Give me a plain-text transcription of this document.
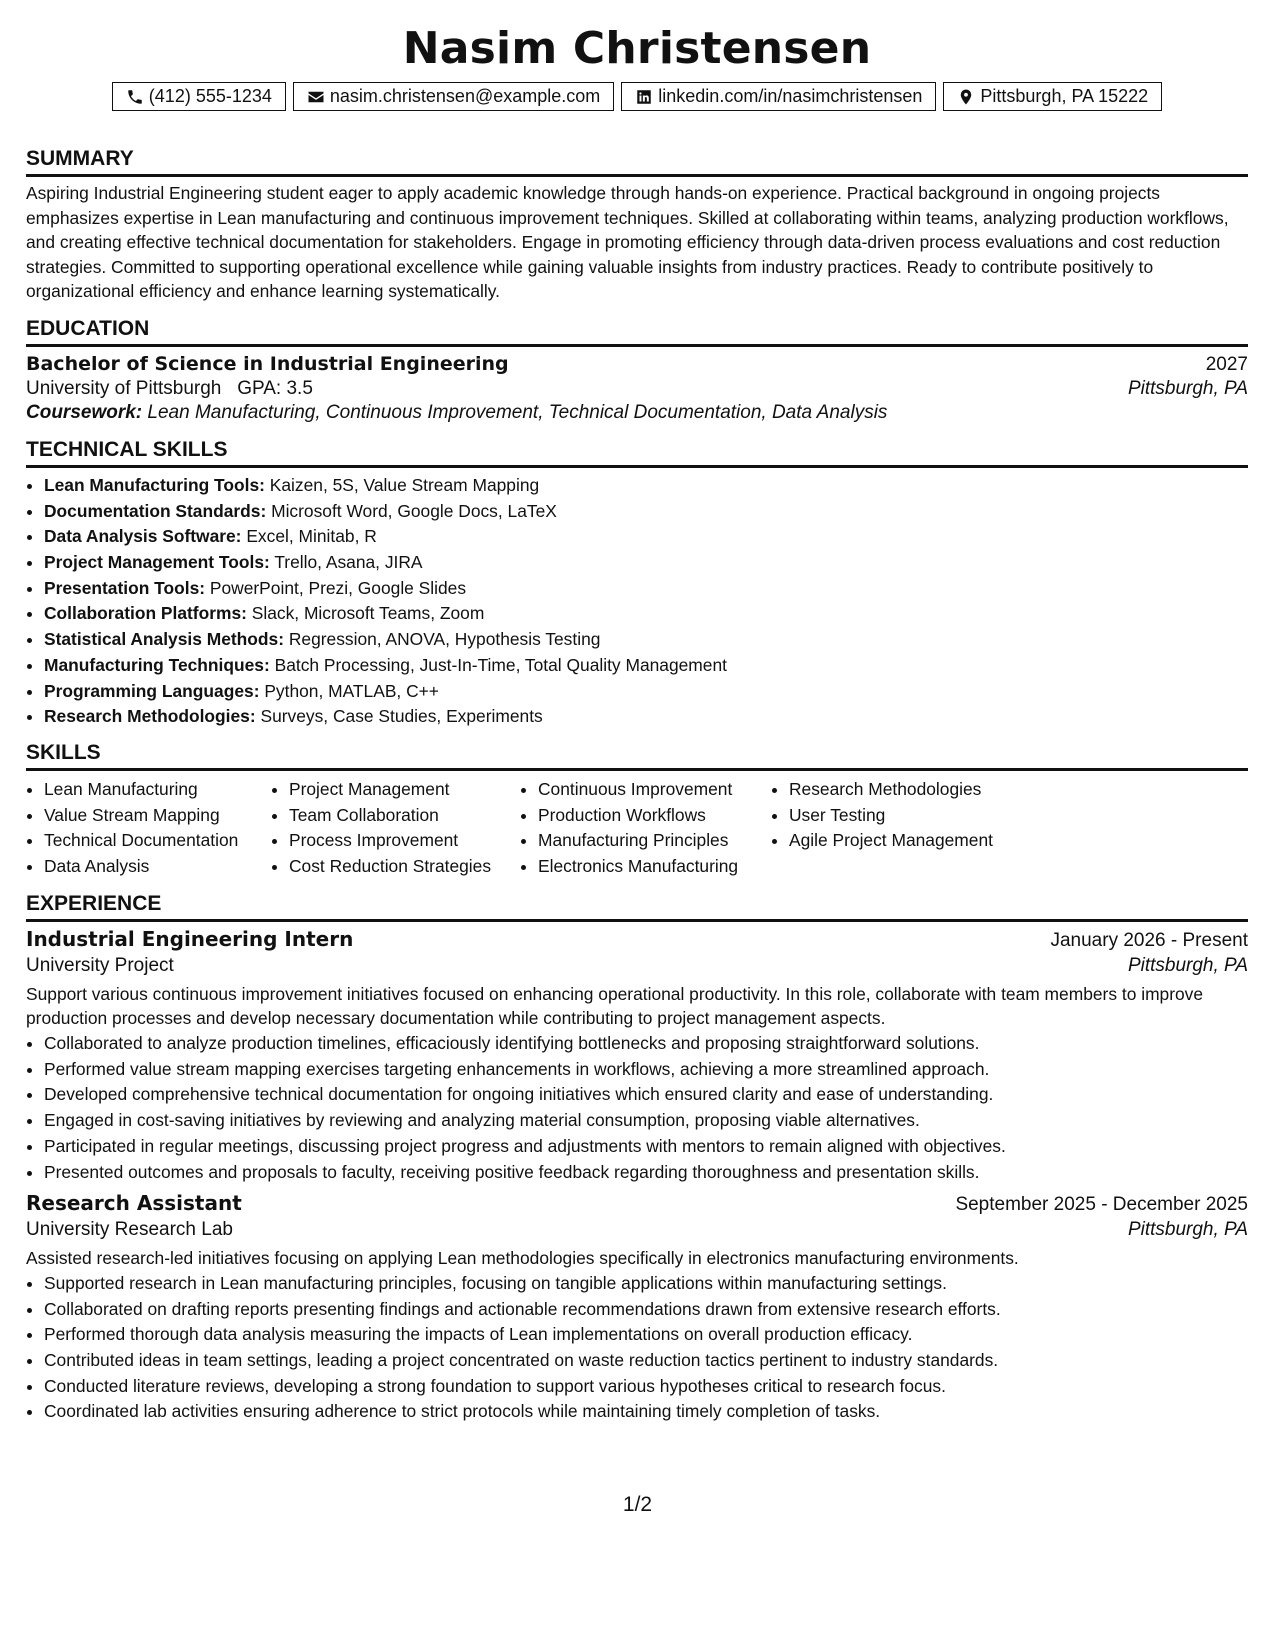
Nasim Christensen
(412) 555-1234	nasim.christensen@example.com	linkedin.com/in/nasimchristensen	Pittsburgh, PA 15222
SUMMARY

Aspiring Industrial Engineering student eager to apply academic knowledge through hands-on experience. Practical background in ongoing projects emphasizes expertise in Lean manufacturing and continuous improvement techniques. Skilled at collaborating within teams, analyzing production workflows, and creating effective technical documentation for stakeholders. Engage in promoting efficiency through data-driven process evaluations and cost reduction strategies. Committed to supporting operational excellence while gaining valuable insights from industry practices. Ready to contribute positively to organizational efficiency and enhance learning systematically.

EDUCATION
Bachelor of Science in Industrial Engineering	2027
University of Pittsburgh GPA: 3.5	Pittsburgh, PA
Coursework: Lean Manufacturing, Continuous Improvement, Technical Documentation, Data Analysis
TECHNICAL SKILLS
• Lean Manufacturing Tools: Kaizen, 5S, Value Stream Mapping
• Documentation Standards: Microsoft Word, Google Docs, LaTeX
• Data Analysis Software: Excel, Minitab, R
• Project Management Tools: Trello, Asana, JIRA
• Presentation Tools: PowerPoint, Prezi, Google Slides
• Collaboration Platforms: Slack, Microsoft Teams, Zoom
• Statistical Analysis Methods: Regression, ANOVA, Hypothesis Testing
• Manufacturing Techniques: Batch Processing, Just-In-Time, Total Quality Management
• Programming Languages: Python, MATLAB, C++
• Research Methodologies: Surveys, Case Studies, Experiments
SKILLS
• Lean Manufacturing
• Value Stream Mapping
• Technical Documentation
• Data Analysis
• Project Management
• Team Collaboration
• Process Improvement
• Cost Reduction Strategies
• Continuous Improvement
• Production Workflows
• Manufacturing Principles
• Electronics Manufacturing
• Research Methodologies
• User Testing
• Agile Project Management
EXPERIENCE
Industrial Engineering Intern	January 2026 - Present
University Project	Pittsburgh, PA

Support various continuous improvement initiatives focused on enhancing operational productivity. In this role, collaborate with team members to improve production processes and develop necessary documentation while contributing to project management aspects.

• Collaborated to analyze production timelines, efficaciously identifying bottlenecks and proposing straightforward solutions.
• Performed value stream mapping exercises targeting enhancements in workflows, achieving a more streamlined approach.
• Developed comprehensive technical documentation for ongoing initiatives which ensured clarity and ease of understanding.
• Engaged in cost-saving initiatives by reviewing and analyzing material consumption, proposing viable alternatives.
• Participated in regular meetings, discussing project progress and adjustments with mentors to remain aligned with objectives.
• Presented outcomes and proposals to faculty, receiving positive feedback regarding thoroughness and presentation skills.
Research Assistant	September 2025 - December 2025
University Research Lab	Pittsburgh, PA

Assisted research-led initiatives focusing on applying Lean methodologies specifically in electronics manufacturing environments.

• Supported research in Lean manufacturing principles, focusing on tangible applications within manufacturing settings.
• Collaborated on drafting reports presenting findings and actionable recommendations drawn from extensive research efforts.
• Performed thorough data analysis measuring the impacts of Lean implementations on overall production efficacy.
• Contributed ideas in team settings, leading a project concentrated on waste reduction tactics pertinent to industry standards.
• Conducted literature reviews, developing a strong foundation to support various hypotheses critical to research focus.
• Coordinated lab activities ensuring adherence to strict protocols while maintaining timely completion of tasks.
1/2
